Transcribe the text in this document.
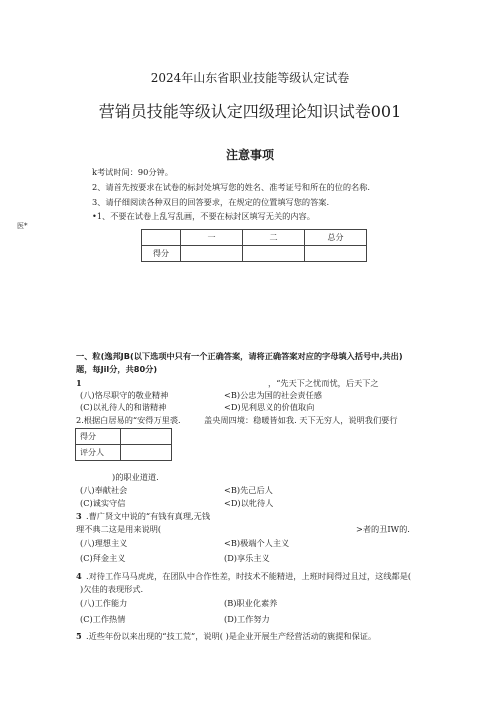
2024年山东省职业技能等级认定试卷
营销员技能等级认定四级理论知识试卷001
注意事项
k考试时间：90分钟。
2、请首先按要求在试卷的标封处填写您的姓名、准考证号和所在的位的名称.
3、请仔细阅读各种双目的回答要求，在规定的位置填写您的答案.
•1、不要在试卷上乱写乱画，不要在标封区填写无关的内容。
医*
	一	二	总分
得分			
一、粒(逸邦JB(以下选项中只有一个正确答案，请将正确答案对应的字母填入括号中,共出)
题，每Jil分，共80分)
1	，“先天下之忧而忧，后天下之
(八)恪尽职守的敬业精神	<B)公忠为国的社会责任感
(C)以礼待人的和谐精神	<D)见利思义的价值取向
2.根据白居易的“安得万里裘.	盖央周四境：稳暖皆如我. 天下无穷人，说明我们要行
得分	
评分人	
)的职业道道.
(八)奉献社会	<B)先己后人
(C)诚实守信	<D)以牝待人
3 .曹广贤文中说的“有钱有真理,无钱
理不典二这是用来说明(	>者的丑IW的.
(八)理想主义	<B)极端个人主义
(C)拜金主义	(D)享乐主义
4 .对待工作马马虎虎，在团队中合作性差，时技术不能精进，上班时间得过且过，这线都是(
)欠佳的表现形式.
(八)工作能力	(B)职业化素养
(C)工作热情	(D)工作努力
5 .近些年份以来出现的“技工荒”，说明( )是企业开展生产经营活动的旐提和保证。
